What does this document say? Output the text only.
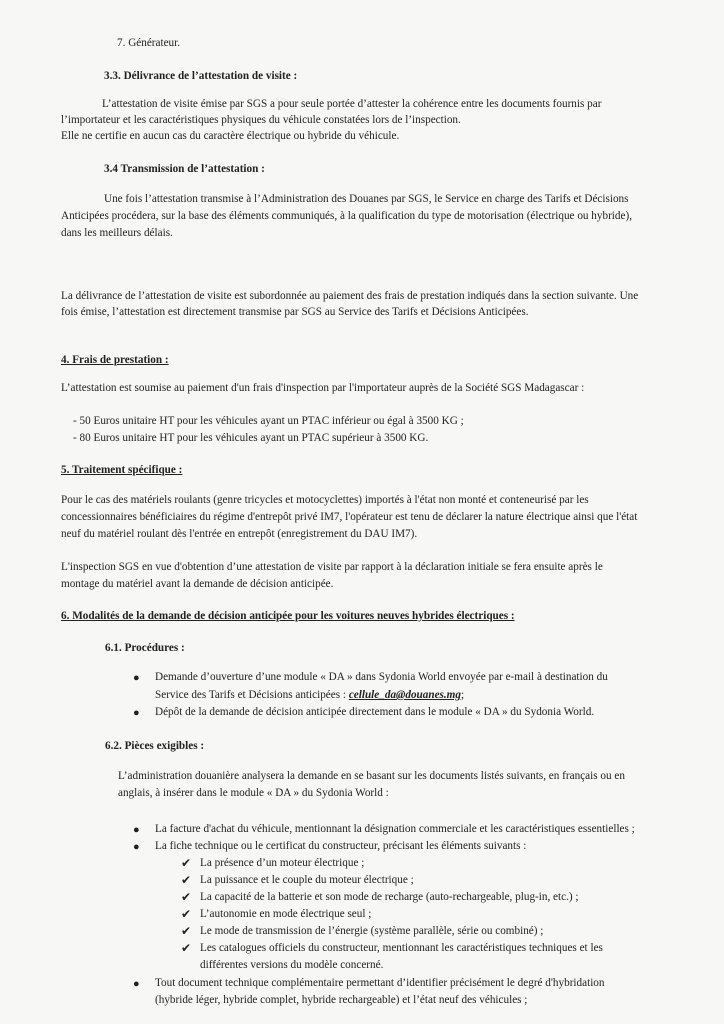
7. Générateur.
3.3. Délivrance de l’attestation de visite :
L’attestation de visite émise par SGS a pour seule portée d’attester la cohérence entre les documents fournis par
l’importateur et les caractéristiques physiques du véhicule constatées lors de l’inspection.
Elle ne certifie en aucun cas du caractère électrique ou hybride du véhicule.
3.4 Transmission de l’attestation :
Une fois l’attestation transmise à l’Administration des Douanes par SGS, le Service en charge des Tarifs et Décisions
Anticipées procédera, sur la base des éléments communiqués, à la qualification du type de motorisation (électrique ou hybride),
dans les meilleurs délais.
La délivrance de l’attestation de visite est subordonnée au paiement des frais de prestation indiqués dans la section suivante. Une
fois émise, l’attestation est directement transmise par SGS au Service des Tarifs et Décisions Anticipées.
4. Frais de prestation :
L’attestation est soumise au paiement d'un frais d'inspection par l'importateur auprès de la Société SGS Madagascar :
- 50 Euros unitaire HT pour les véhicules ayant un PTAC inférieur ou égal à 3500 KG ;
- 80 Euros unitaire HT pour les véhicules ayant un PTAC supérieur à 3500 KG.
5. Traitement spécifique :
Pour le cas des matériels roulants (genre tricycles et motocyclettes) importés à l'état non monté et conteneurisé par les
concessionnaires bénéficiaires du régime d'entrepôt privé IM7, l'opérateur est tenu de déclarer la nature électrique ainsi que l'état
neuf du matériel roulant dès l'entrée en entrepôt (enregistrement du DAU IM7).
L'inspection SGS en vue d'obtention d’une attestation de visite par rapport à la déclaration initiale se fera ensuite après le
montage du matériel avant la demande de décision anticipée.
6. Modalités de la demande de décision anticipée pour les voitures neuves hybrides électriques :
6.1. Procédures :
● Demande d’ouverture d’une module « DA » dans Sydonia World envoyée par e-mail à destination du
Service des Tarifs et Décisions anticipées : cellule_da@douanes.mg;
● Dépôt de la demande de décision anticipée directement dans le module « DA » du Sydonia World.
6.2. Pièces exigibles :
L’administration douanière analysera la demande en se basant sur les documents listés suivants, en français ou en
anglais, à insérer dans le module « DA » du Sydonia World :
● La facture d'achat du véhicule, mentionnant la désignation commerciale et les caractéristiques essentielles ;
● La fiche technique ou le certificat du constructeur, précisant les éléments suivants :
✔ La présence d’un moteur électrique ;
✔ La puissance et le couple du moteur électrique ;
✔ La capacité de la batterie et son mode de recharge (auto-rechargeable, plug-in, etc.) ;
✔ L’autonomie en mode électrique seul ;
✔ Le mode de transmission de l’énergie (système parallèle, série ou combiné) ;
✔ Les catalogues officiels du constructeur, mentionnant les caractéristiques techniques et les
différentes versions du modèle concerné.
● Tout document technique complémentaire permettant d’identifier précisément le degré d'hybridation
(hybride léger, hybride complet, hybride rechargeable) et l’état neuf des véhicules ;
